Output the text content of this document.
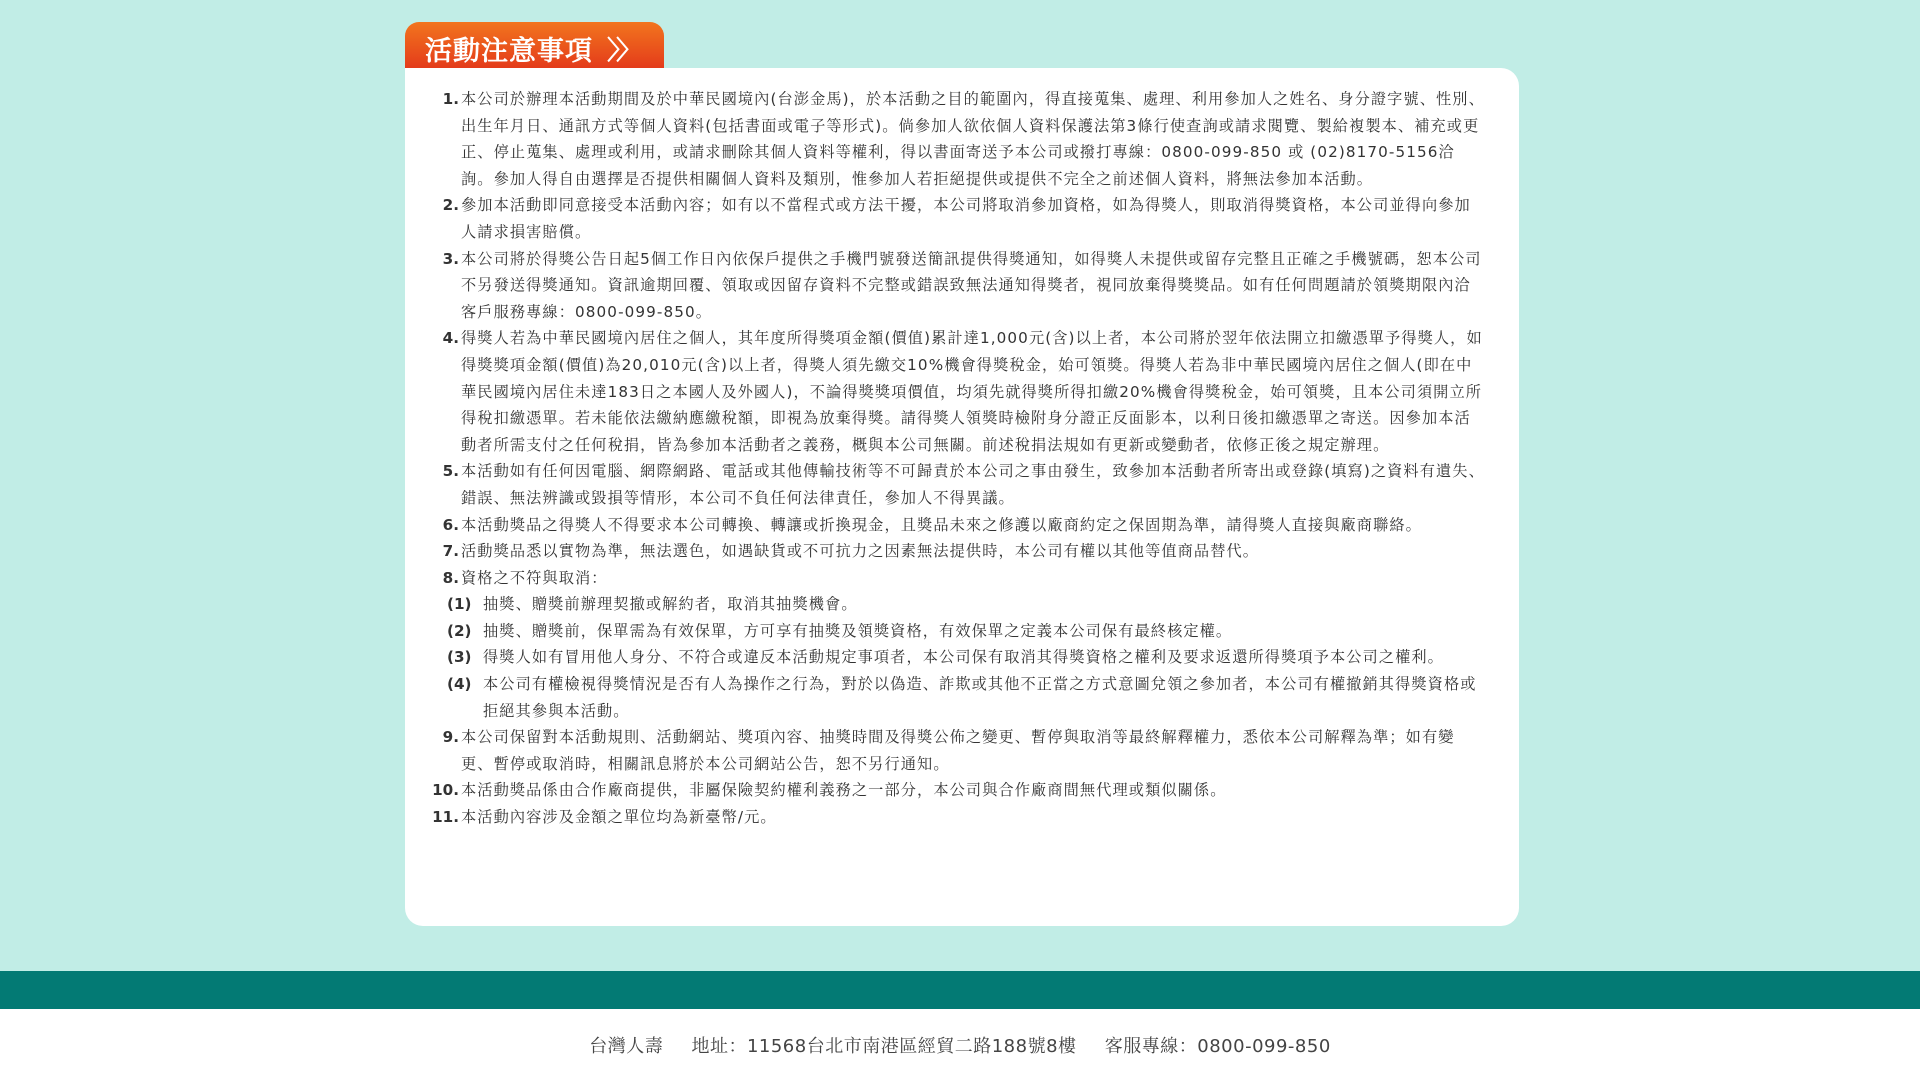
活動注意事項 〉〉
1. 本公司於辦理本活動期間及於中華民國境內(台澎金馬)，於本活動之目的範圍內，得直接蒐集、處理、利用參加人之姓名、身分證字號、性別、出生年月日、通訊方式等個人資料(包括書面或電子等形式)。倘參加人欲依個人資料保護法第3條行使查詢或請求閱覽、製給複製本、補充或更正、停止蒐集、處理或利用，或請求刪除其個人資料等權利，得以書面寄送予本公司或撥打專線：0800-099-850 或 (02)8170-5156洽詢。參加人得自由選擇是否提供相關個人資料及類別，惟參加人若拒絕提供或提供不完全之前述個人資料，將無法參加本活動。
2. 參加本活動即同意接受本活動內容；如有以不當程式或方法干擾，本公司將取消參加資格，如為得獎人，則取消得獎資格，本公司並得向參加人請求損害賠償。
3. 本公司將於得獎公告日起5個工作日內依保戶提供之手機門號發送簡訊提供得獎通知，如得獎人未提供或留存完整且正確之手機號碼，恕本公司不另發送得獎通知。資訊逾期回覆、領取或因留存資料不完整或錯誤致無法通知得獎者，視同放棄得獎獎品。如有任何問題請於領獎期限內洽客戶服務專線：0800-099-850。
4. 得獎人若為中華民國境內居住之個人，其年度所得獎項金額(價值)累計達1,000元(含)以上者，本公司將於翌年依法開立扣繳憑單予得獎人，如得獎獎項金額(價值)為20,010元(含)以上者，得獎人須先繳交10%機會得獎稅金，始可領獎。得獎人若為非中華民國境內居住之個人(即在中華民國境內居住未達183日之本國人及外國人)，不論得獎獎項價值，均須先就得獎所得扣繳20%機會得獎稅金，始可領獎，且本公司須開立所得稅扣繳憑單。若未能依法繳納應繳稅額，即視為放棄得獎。請得獎人領獎時檢附身分證正反面影本，以利日後扣繳憑單之寄送。因參加本活動者所需支付之任何稅捐，皆為參加本活動者之義務，概與本公司無關。前述稅捐法規如有更新或變動者，依修正後之規定辦理。
5. 本活動如有任何因電腦、網際網路、電話或其他傳輸技術等不可歸責於本公司之事由發生，致參加本活動者所寄出或登錄(填寫)之資料有遺失、錯誤、無法辨識或毀損等情形，本公司不負任何法律責任，參加人不得異議。
6. 本活動獎品之得獎人不得要求本公司轉換、轉讓或折換現金，且獎品未來之修護以廠商約定之保固期為準，請得獎人直接與廠商聯絡。
7. 活動獎品悉以實物為準，無法選色，如遇缺貨或不可抗力之因素無法提供時，本公司有權以其他等值商品替代。
8. 資格之不符與取消：
(1) 抽獎、贈獎前辦理契撤或解約者，取消其抽獎機會。
(2) 抽獎、贈獎前，保單需為有效保單，方可享有抽獎及領獎資格，有效保單之定義本公司保有最終核定權。
(3) 得獎人如有冒用他人身分、不符合或違反本活動規定事項者，本公司保有取消其得獎資格之權利及要求返還所得獎項予本公司之權利。
(4) 本公司有權檢視得獎情況是否有人為操作之行為，對於以偽造、詐欺或其他不正當之方式意圖兌領之參加者，本公司有權撤銷其得獎資格或拒絕其參與本活動。
9. 本公司保留對本活動規則、活動網站、獎項內容、抽獎時間及得獎公佈之變更、暫停與取消等最終解釋權力，悉依本公司解釋為準；如有變更、暫停或取消時，相關訊息將於本公司網站公告，恕不另行通知。
10. 本活動獎品係由合作廠商提供，非屬保險契約權利義務之一部分，本公司與合作廠商間無代理或類似關係。
11. 本活動內容涉及金額之單位均為新臺幣/元。
台灣人壽 地址：11568台北市南港區經貿二路188號8樓 客服專線：0800-099-850
